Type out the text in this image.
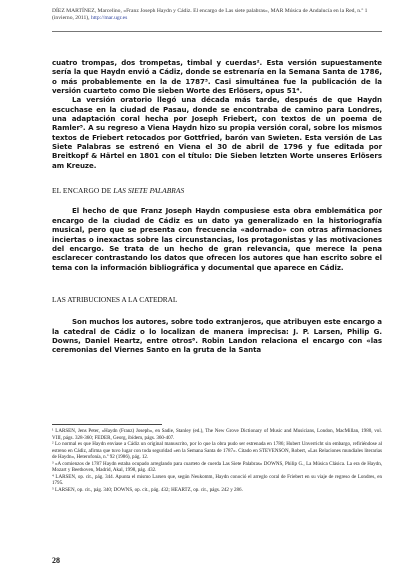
DÍEZ MARTÍNEZ, Marcelino, «Franz Joseph Haydn y Cádiz. El encargo de Las siete palabras», MAR Música de Andalucía en la Red, n.º 1 (invierno, 2011), http://mar.ugr.es

cuatro trompas, dos trompetas, timbal y cuerdas². Esta versión supuestamente sería la que Haydn envió a Cádiz, donde se estrenaría en la Semana Santa de 1786, o más probablemente en la de 1787³. Casi simultánea fue la publicación de la versión cuarteto como Die sieben Worte des Erlösers, opus 51⁴.

La versión oratorio llegó una década más tarde, después de que Haydn escuchase en la ciudad de Pasau, donde se encontraba de camino para Londres, una adaptación coral hecha por Joseph Friebert, con textos de un poema de Ramler⁵. A su regreso a Viena Haydn hizo su propia versión coral, sobre los mismos textos de Friebert retocados por Gottfried, barón van Swieten. Esta versión de Las Siete Palabras se estrenó en Viena el 30 de abril de 1796 y fue editada por Breitkopf & Härtel en 1801 con el título: Die Sieben letzten Worte unseres Erlösers am Kreuze.

EL ENCARGO DE LAS SIETE PALABRAS

El hecho de que Franz Joseph Haydn compusiese esta obra emblemática por encargo de la ciudad de Cádiz es un dato ya generalizado en la historiografía musical, pero que se presenta con frecuencia «adornado» con otras afirmaciones inciertas o inexactas sobre las circunstancias, los protagonistas y las motivaciones del encargo. Se trata de un hecho de gran relevancia, que merece la pena esclarecer contrastando los datos que ofrecen los autores que han escrito sobre el tema con la información bibliográfica y documental que aparece en Cádiz.

LAS ATRIBUCIONES A LA CATEDRAL

Son muchos los autores, sobre todo extranjeros, que atribuyen este encargo a la catedral de Cádiz o lo localizan de manera imprecisa: J. P. Larsen, Philip G. Downs, Daniel Heartz, entre otros⁶. Robin Landon relaciona el encargo con «las ceremonias del Viernes Santo en la gruta de la Santa

¹ LARSEN, Jens Peter, «Haydn (Franz) Joseph», en Sadie, Stanley (ed.), The New Grove Dictionary of Music and Musicians, London, MacMillan, 1980, vol. VIII, págs. 328-360; FEDER, Georg, ibídem, págs. 360-407.

² Lo normal es que Haydn enviase a Cádiz un original manuscrito, por lo que la obra pudo ser estrenada en 1786; Hubert Unverricht sin embargo, refiriéndose al estreno en Cádiz, afirma que tuvo lugar con toda seguridad «en la Semana Santa de 1787». Citado en STEVENSON, Robert, «Las Relaciones mundiales literarias de Haydn», Heterofonía, n.º 92 (1986), pág. 12.

³ «A comienzos de 1787 Haydn estaba ocupado arreglando para cuarteto de cuerda Las Siete Palabras» DOWNS, Philip G., La Música Clásica. La era de Haydn, Mozart y Beethoven, Madrid, Akal, 1998, pág. 432.

⁴ LARSEN, op. cit., pág. 344. Apunta el mismo Larsen que, según Neukomm, Haydn conoció el arreglo coral de Friebert en su viaje de regreso de Londres, en 1795.

⁵ LARSEN, op. cit., pág. 340; DOWNS, op. cit., pág. 432; HEARTZ, op. cit., págs. 242 y 286.

28
